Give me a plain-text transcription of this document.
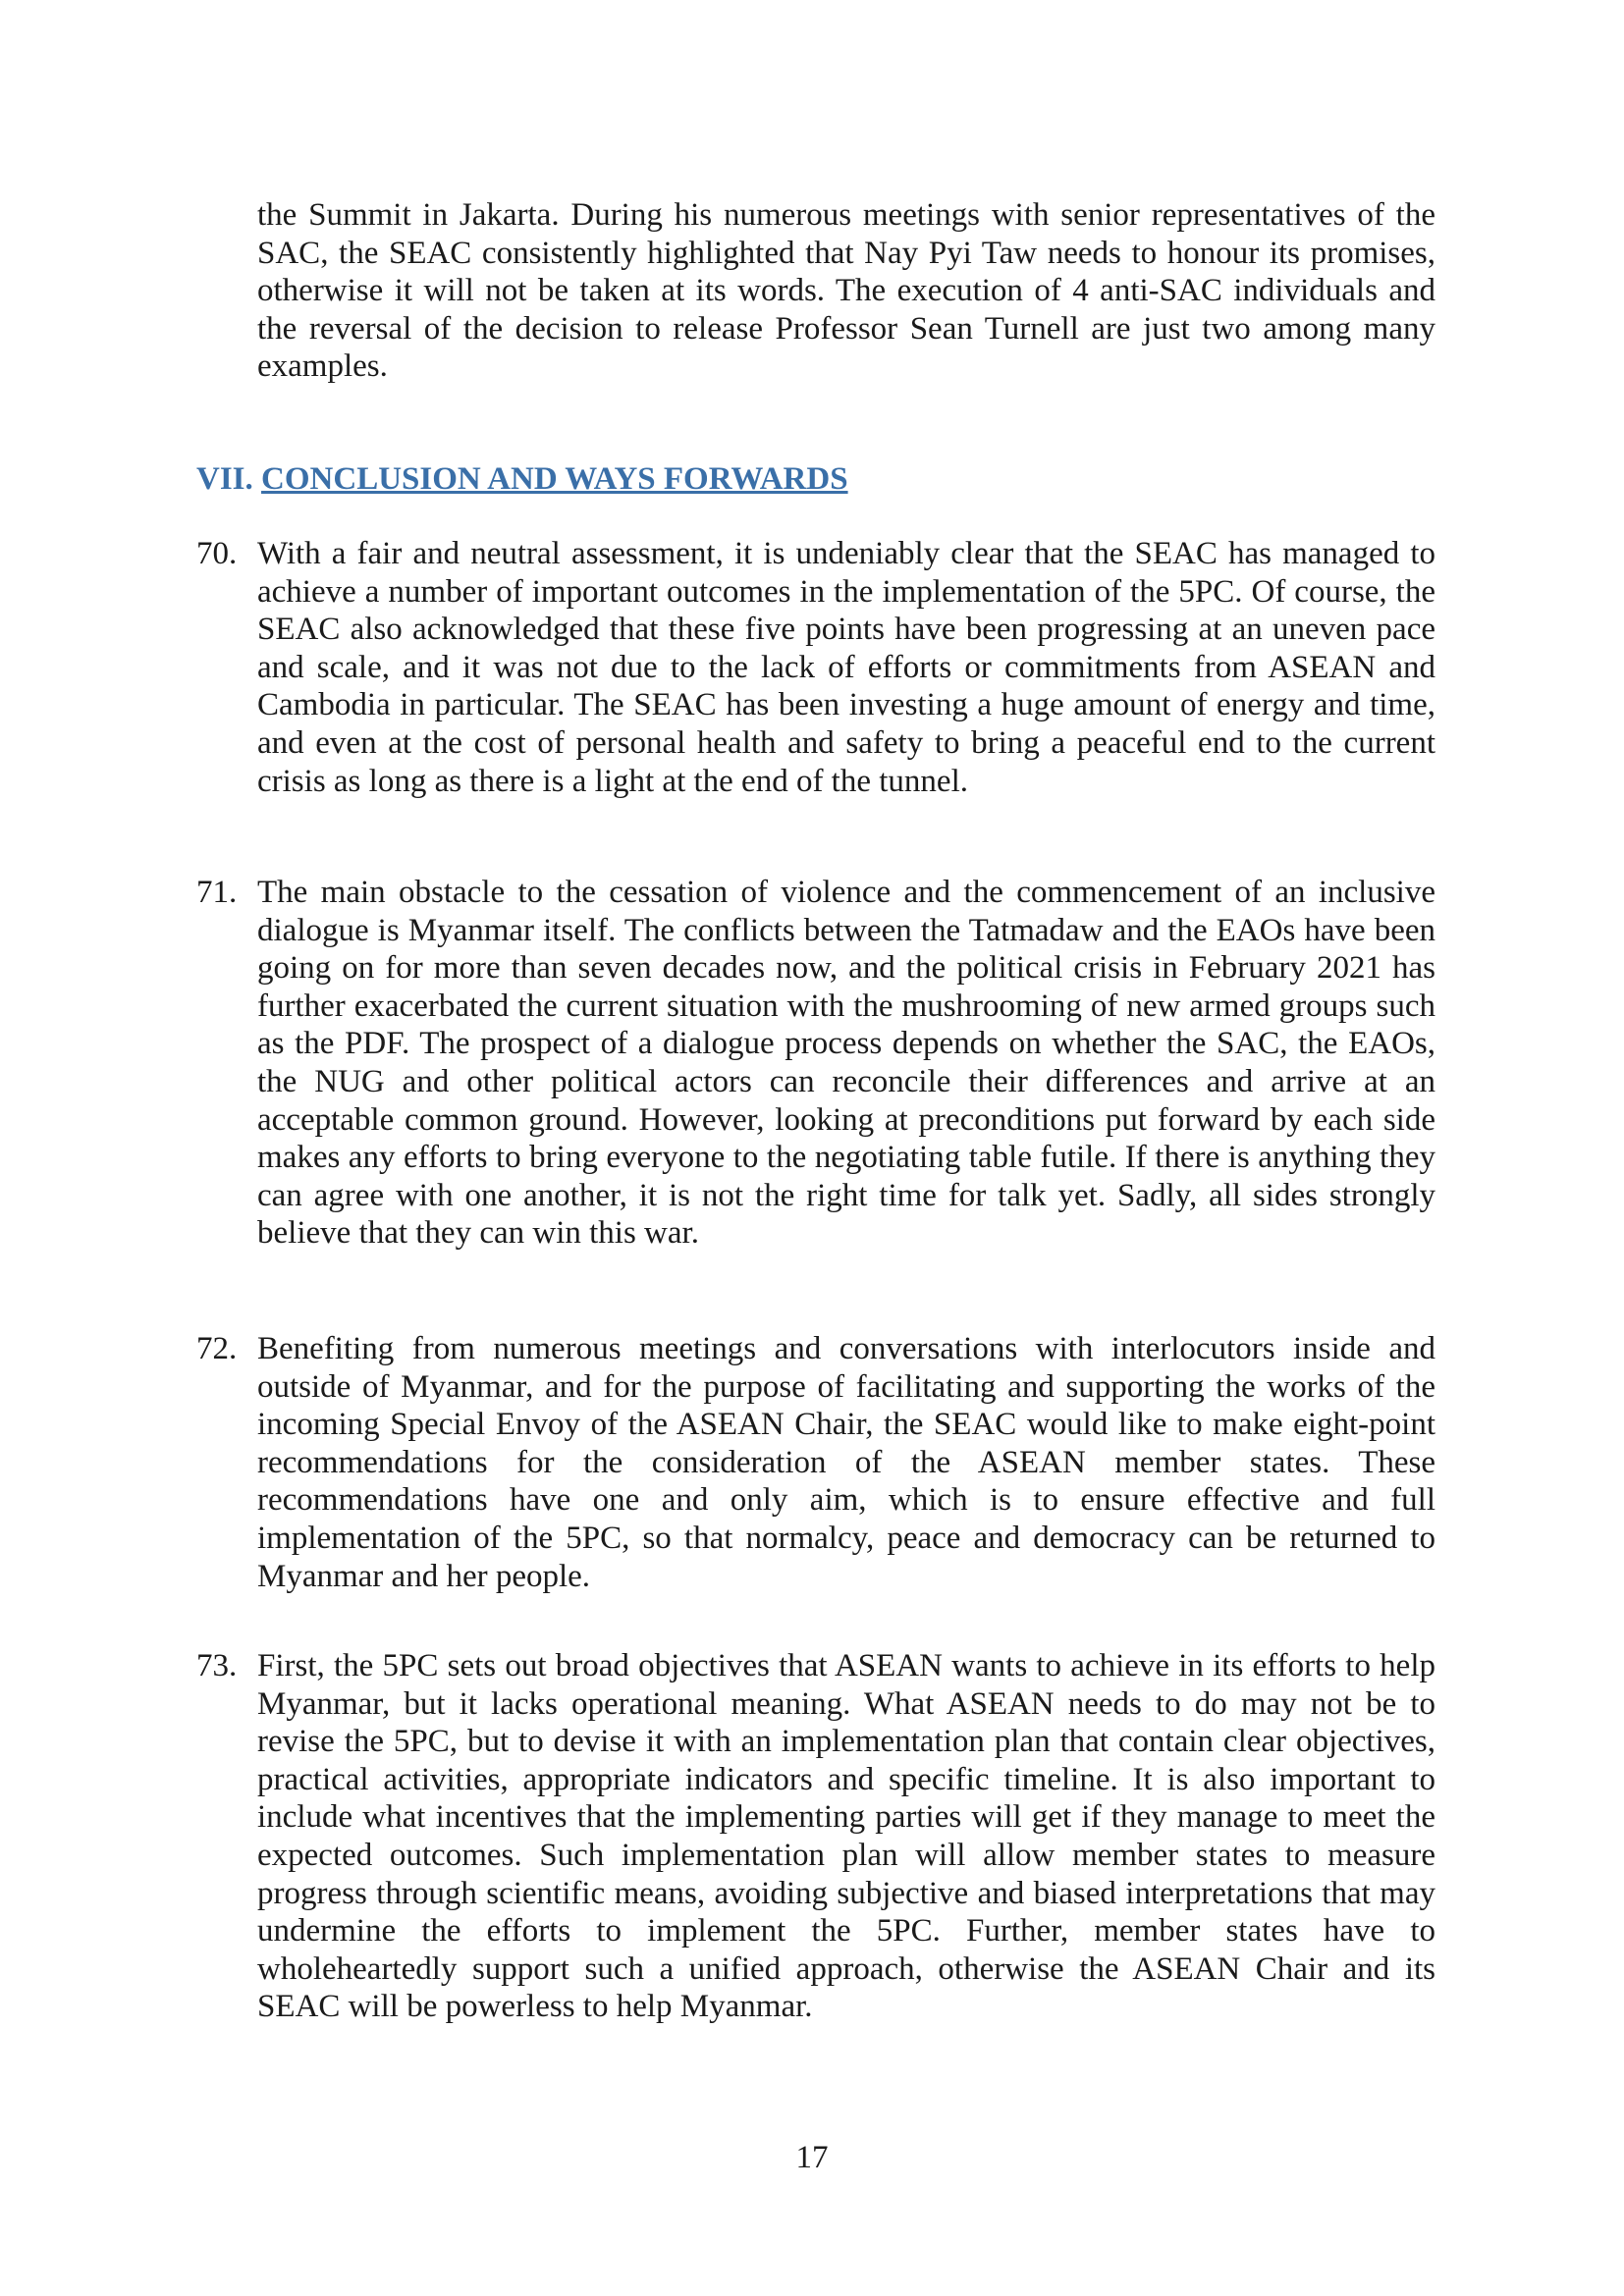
the Summit in Jakarta. During his numerous meetings with senior representatives of the SAC, the SEAC consistently highlighted that Nay Pyi Taw needs to honour its promises, otherwise it will not be taken at its words. The execution of 4 anti-SAC individuals and the reversal of the decision to release Professor Sean Turnell are just two among many examples.

VII. CONCLUSION AND WAYS FORWARDS
70. With a fair and neutral assessment, it is undeniably clear that the SEAC has managed to achieve a number of important outcomes in the implementation of the 5PC. Of course, the SEAC also acknowledged that these five points have been progressing at an uneven pace and scale, and it was not due to the lack of efforts or commitments from ASEAN and Cambodia in particular. The SEAC has been investing a huge amount of energy and time, and even at the cost of personal health and safety to bring a peaceful end to the current crisis as long as there is a light at the end of the tunnel.

71. The main obstacle to the cessation of violence and the commencement of an inclusive dialogue is Myanmar itself. The conflicts between the Tatmadaw and the EAOs have been going on for more than seven decades now, and the political crisis in February 2021 has further exacerbated the current situation with the mushrooming of new armed groups such as the PDF. The prospect of a dialogue process depends on whether the SAC, the EAOs, the NUG and other political actors can reconcile their differences and arrive at an acceptable common ground. However, looking at preconditions put forward by each side makes any efforts to bring everyone to the negotiating table futile. If there is anything they can agree with one another, it is not the right time for talk yet. Sadly, all sides strongly believe that they can win this war.

72. Benefiting from numerous meetings and conversations with interlocutors inside and outside of Myanmar, and for the purpose of facilitating and supporting the works of the incoming Special Envoy of the ASEAN Chair, the SEAC would like to make eight-point recommendations for the consideration of the ASEAN member states. These recommendations have one and only aim, which is to ensure effective and full implementation of the 5PC, so that normalcy, peace and democracy can be returned to Myanmar and her people.

73. First, the 5PC sets out broad objectives that ASEAN wants to achieve in its efforts to help Myanmar, but it lacks operational meaning. What ASEAN needs to do may not be to revise the 5PC, but to devise it with an implementation plan that contain clear objectives, practical activities, appropriate indicators and specific timeline. It is also important to include what incentives that the implementing parties will get if they manage to meet the expected outcomes. Such implementation plan will allow member states to measure progress through scientific means, avoiding subjective and biased interpretations that may undermine the efforts to implement the 5PC. Further, member states have to wholeheartedly support such a unified approach, otherwise the ASEAN Chair and its SEAC will be powerless to help Myanmar.

17
